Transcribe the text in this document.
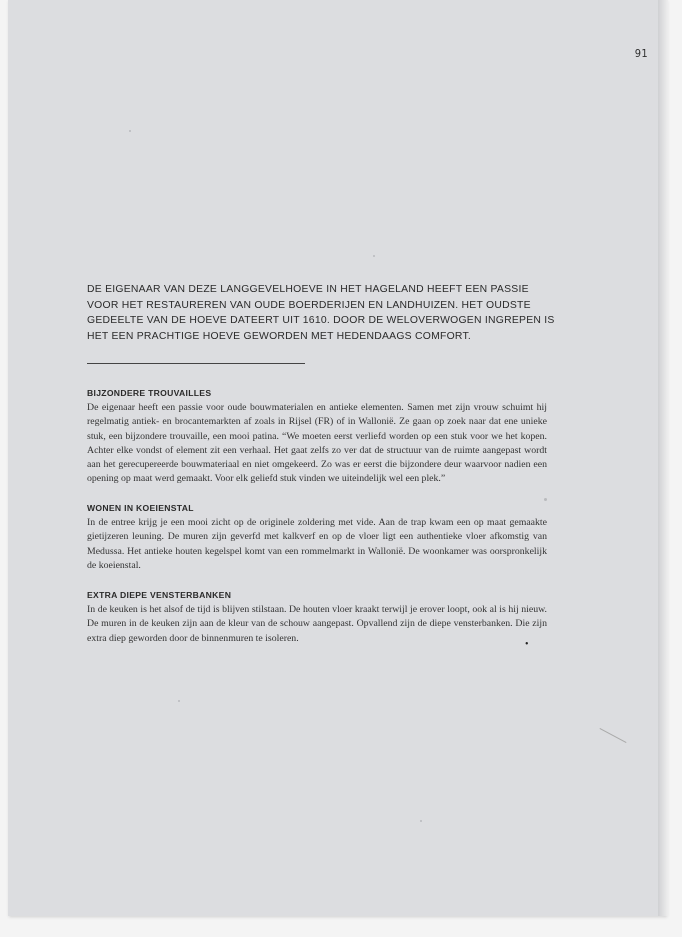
91

DE EIGENAAR VAN DEZE LANGGEVELHOEVE IN HET HAGELAND HEEFT EEN PASSIE VOOR HET RESTAUREREN VAN OUDE BOERDERIJEN EN LANDHUIZEN. HET OUDSTE GEDEELTE VAN DE HOEVE DATEERT UIT 1610. DOOR DE WELOVERWOGEN INGREPEN IS HET EEN PRACHTIGE HOEVE GEWORDEN MET HEDENDAAGS COMFORT.

BIJZONDERE TROUVAILLES

De eigenaar heeft een passie voor oude bouwmaterialen en antieke elementen. Samen met zijn vrouw schuimt hij regelmatig antiek- en brocantemarkten af zoals in Rijsel (FR) of in Wallonië. Ze gaan op zoek naar dat ene unieke stuk, een bijzondere trouvaille, een mooi patina. “We moeten eerst verliefd worden op een stuk voor we het kopen. Achter elke vondst of element zit een verhaal. Het gaat zelfs zo ver dat de structuur van de ruimte aangepast wordt aan het gerecupereerde bouwmateriaal en niet omgekeerd. Zo was er eerst die bijzondere deur waarvoor nadien een opening op maat werd gemaakt. Voor elk geliefd stuk vinden we uiteindelijk wel een plek.”

WONEN IN KOEIENSTAL

In de entree krijg je een mooi zicht op de originele zoldering met vide. Aan de trap kwam een op maat gemaakte gietijzeren leuning. De muren zijn geverfd met kalkverf en op de vloer ligt een authentieke vloer afkomstig van Medussa. Het antieke houten kegelspel komt van een rommelmarkt in Wallonië. De woonkamer was oorspronkelijk de koeienstal.

EXTRA DIEPE VENSTERBANKEN

In de keuken is het alsof de tijd is blijven stilstaan. De houten vloer kraakt terwijl je erover loopt, ook al is hij nieuw. De muren in de keuken zijn aan de kleur van de schouw aangepast. Opvallend zijn de diepe vensterbanken. Die zijn extra diep geworden door de binnenmuren te isoleren.

•
